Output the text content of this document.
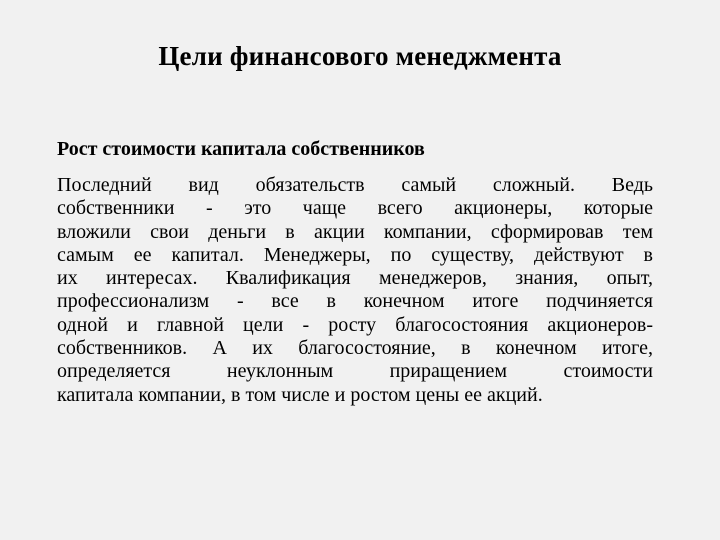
Цели финансового менеджмента
Рост стоимости капитала собственников
Последний вид обязательств самый сложный. Ведь
собственники - это чаще всего акционеры, которые
вложили свои деньги в акции компании, сформировав тем
самым ее капитал. Менеджеры, по существу, действуют в
их интересах. Квалификация менеджеров, знания, опыт,
профессионализм - все в конечном итоге подчиняется
одной и главной цели - росту благосостояния акционеров-
собственников. А их благосостояние, в конечном итоге,
определяется неуклонным приращением стоимости
капитала компании, в том числе и ростом цены ее акций.
